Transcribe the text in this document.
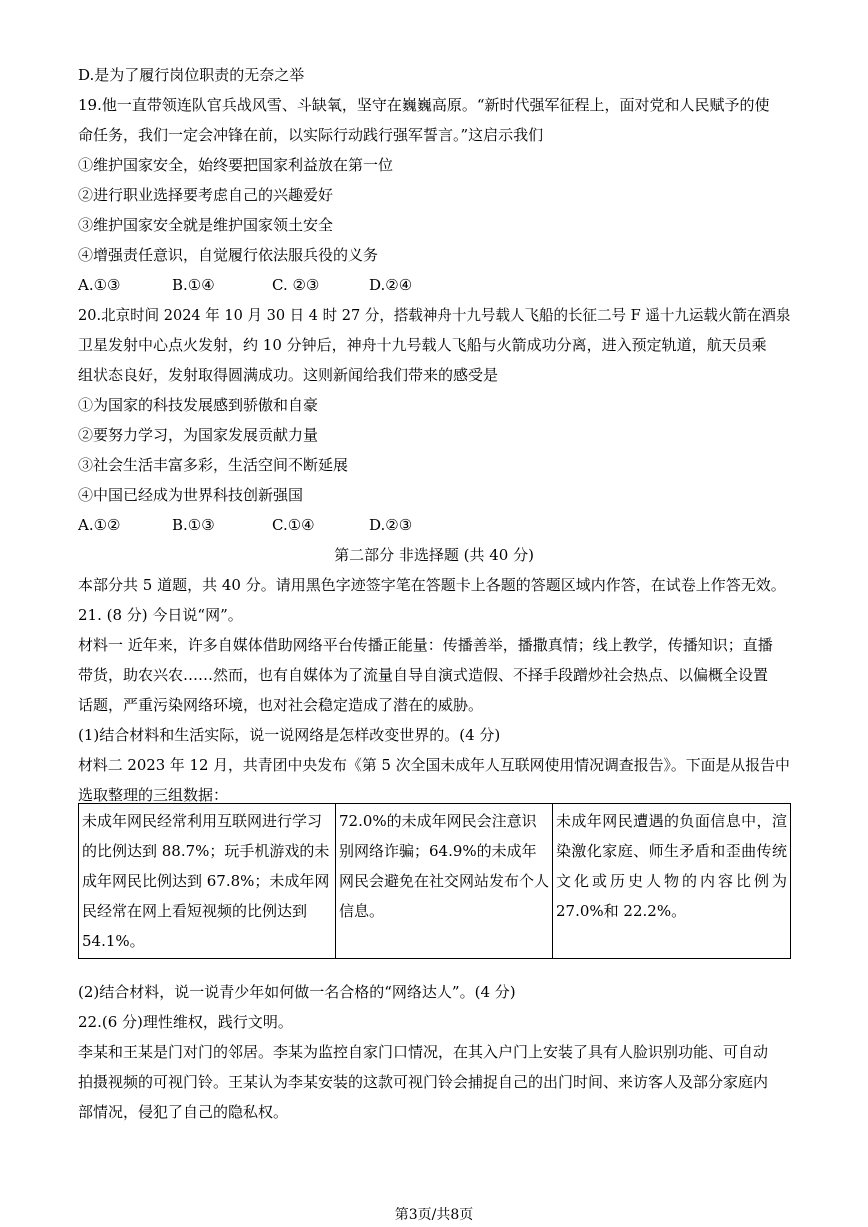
D.是为了履行岗位职责的无奈之举
19.他一直带领连队官兵战风雪、斗缺氧，坚守在巍巍高原。“新时代强军征程上，面对党和人民赋予的使
命任务，我们一定会冲锋在前，以实际行动践行强军誓言。”这启示我们
①维护国家安全，始终要把国家利益放在第一位
②进行职业选择要考虑自己的兴趣爱好
③维护国家安全就是维护国家领土安全
④增强责任意识，自觉履行依法服兵役的义务
A.①③	B.①④	C. ②③	D.②④
20.北京时间 2024 年 10 月 30 日 4 时 27 分，搭载神舟十九号载人飞船的长征二号 F 遥十九运载火箭在酒泉
卫星发射中心点火发射，约 10 分钟后，神舟十九号载人飞船与火箭成功分离，进入预定轨道，航天员乘
组状态良好，发射取得圆满成功。这则新闻给我们带来的感受是
①为国家的科技发展感到骄傲和自豪
②要努力学习，为国家发展贡献力量
③社会生活丰富多彩，生活空间不断延展
④中国已经成为世界科技创新强国
A.①②	B.①③	C.①④	D.②③
第二部分 非选择题 (共 40 分)
本部分共 5 道题，共 40 分。请用黑色字迹签字笔在答题卡上各题的答题区域内作答，在试卷上作答无效。
21. (8 分) 今日说“网”。
材料一 近年来，许多自媒体借助网络平台传播正能量：传播善举，播撒真情；线上教学，传播知识；直播
带货，助农兴农……然而，也有自媒体为了流量自导自演式造假、不择手段蹭炒社会热点、以偏概全设置
话题，严重污染网络环境，也对社会稳定造成了潜在的威胁。
(1)结合材料和生活实际，说一说网络是怎样改变世界的。(4 分)
材料二 2023 年 12 月，共青团中央发布《第 5 次全国未成年人互联网使用情况调查报告》。下面是从报告中
选取整理的三组数据：
未成年网民经常利用互联网进行学习的比例达到 88.7%；玩手机游戏的未成年网民比例达到 67.8%；未成年网民经常在网上看短视频的比例达到 54.1%。	72.0%的未成年网民会注意识别网络诈骗；64.9%的未成年网民会避免在社交网站发布个人信息。	未成年网民遭遇的负面信息中，渲染激化家庭、师生矛盾和歪曲传统文化或历史人物的内容比例为 27.0%和 22.2%。
(2)结合材料，说一说青少年如何做一名合格的“网络达人”。(4 分)
22.(6 分)理性维权，践行文明。
李某和王某是门对门的邻居。李某为监控自家门口情况，在其入户门上安装了具有人脸识别功能、可自动
拍摄视频的可视门铃。王某认为李某安装的这款可视门铃会捕捉自己的出门时间、来访客人及部分家庭内
部情况，侵犯了自己的隐私权。
第3页/共8页
